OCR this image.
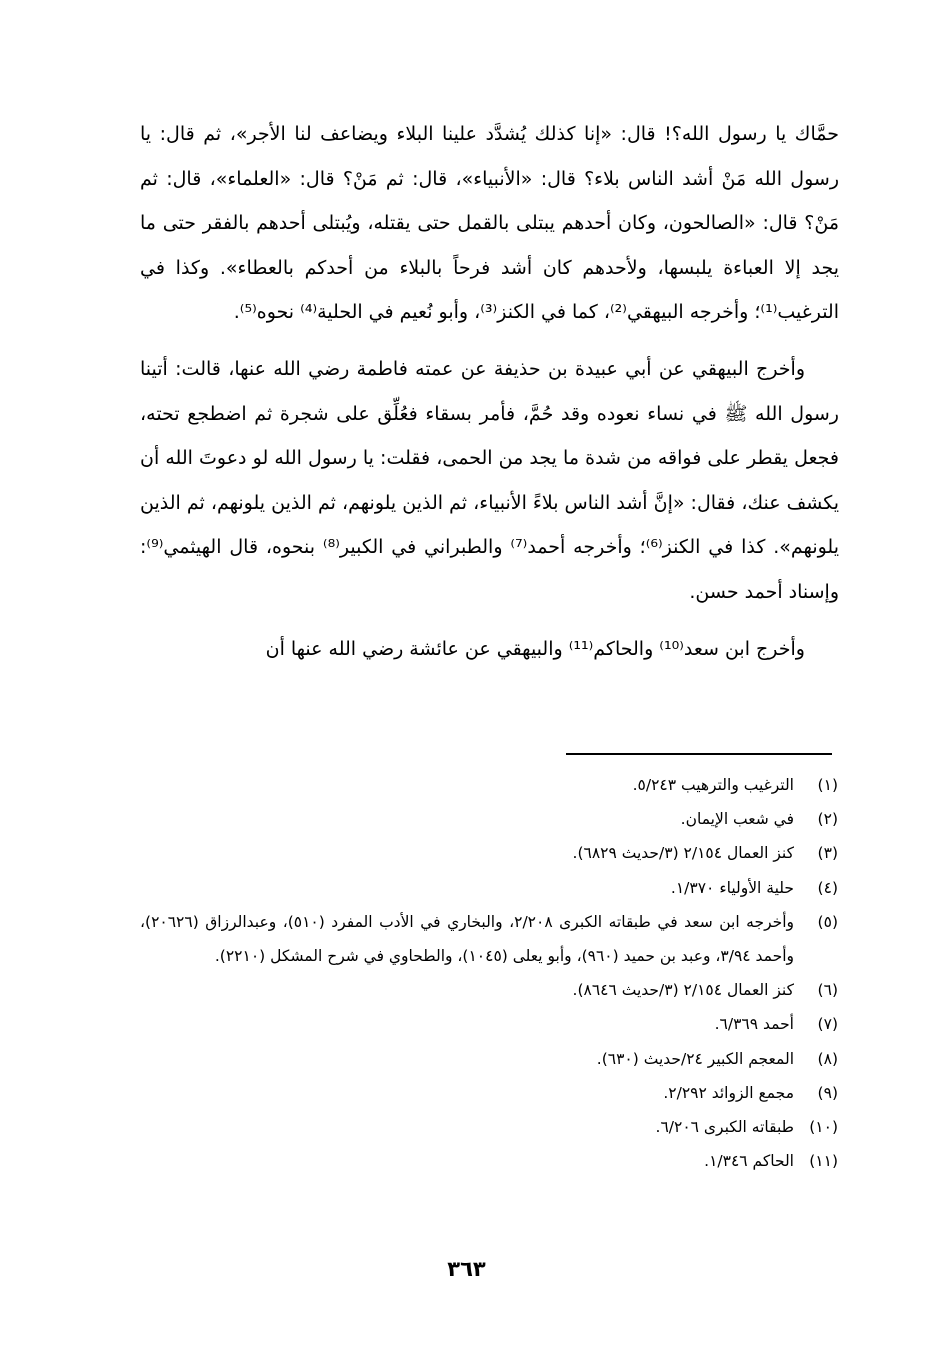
حمَّاك يا رسول الله؟! قال: «إنا كذلك يُشدَّد علينا البلاء ويضاعف لنا الأجر»، ثم قال: يا رسول الله مَنْ أشد الناس بلاء؟ قال: «الأنبياء»، قال: ثم مَنْ؟ قال: «العلماء»، قال: ثم مَنْ؟ قال: «الصالحون، وكان أحدهم يبتلى بالقمل حتى يقتله، ويُبتلى أحدهم بالفقر حتى ما يجد إلا العباءة يلبسها، ولأحدهم كان أشد فرحاً بالبلاء من أحدكم بالعطاء». وكذا في الترغيب⁽¹⁾؛ وأخرجه البيهقي⁽²⁾، كما في الكنز⁽³⁾، وأبو نُعيم في الحلية⁽⁴⁾ نحوه⁽⁵⁾.

وأخرج البيهقي عن أبي عبيدة بن حذيفة عن عمته فاطمة رضي الله عنها، قالت: أتينا رسول الله ﷺ في نساء نعوده وقد حُمَّ، فأمر بسقاء فعُلِّق على شجرة ثم اضطجع تحته، فجعل يقطر على فواقه من شدة ما يجد من الحمى، فقلت: يا رسول الله لو دعوتَ الله أن يكشف عنك، فقال: «إنَّ أشد الناس بلاءً الأنبياء، ثم الذين يلونهم، ثم الذين يلونهم، ثم الذين يلونهم». كذا في الكنز⁽⁶⁾؛ وأخرجه أحمد⁽⁷⁾ والطبراني في الكبير⁽⁸⁾ بنحوه، قال الهيثمي⁽⁹⁾: وإسناد أحمد حسن.

وأخرج ابن سعد⁽¹⁰⁾ والحاكم⁽¹¹⁾ والبيهقي عن عائشة رضي الله عنها أن

(١)
الترغيب والترهيب ٥/٢٤٣.
(٢)
في شعب الإيمان.
(٣)
كنز العمال ٢/١٥٤ (٣/حديث ٦٨٢٩).
(٤)
حلية الأولياء ١/٣٧٠.
(٥)
وأخرجه ابن سعد في طبقاته الكبرى ٢/٢٠٨، والبخاري في الأدب المفرد (٥١٠)، وعبدالرزاق (٢٠٦٢٦)، وأحمد ٣/٩٤، وعبد بن حميد (٩٦٠)، وأبو يعلى (١٠٤٥)، والطحاوي في شرح المشكل (٢٢١٠).
(٦)
كنز العمال ٢/١٥٤ (٣/حديث ٨٦٤٦).
(٧)
أحمد ٦/٣٦٩.
(٨)
المعجم الكبير ٢٤/حديث (٦٣٠).
(٩)
مجمع الزوائد ٢/٢٩٢.
(١٠)
طبقاته الكبرى ٦/٢٠٦.
(١١)
الحاكم ١/٣٤٦.
٣٦٣
